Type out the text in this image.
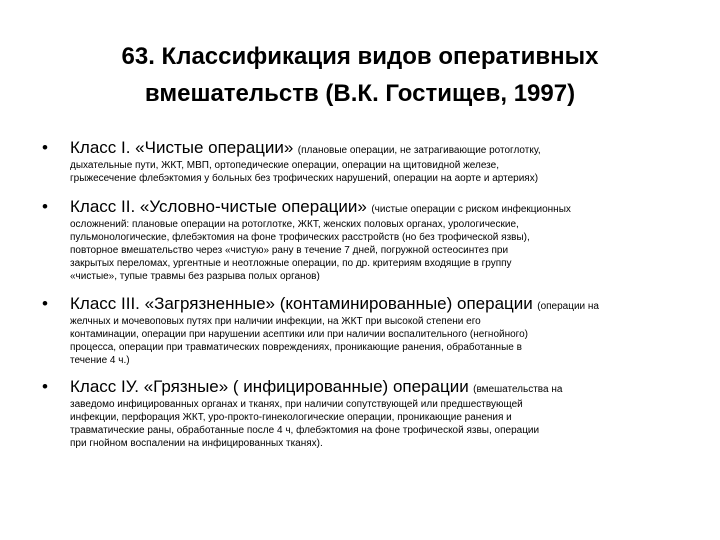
63. Классификация видов оперативных
вмешательств (В.К. Гостищев, 1997)
• Класс I. «Чистые операции» (плановые операции, не затрагивающие ротоглотку,
дыхательные пути, ЖКТ, МВП, ортопедические операции, операции на щитовидной железе,
грыжесечение флебэктомия у больных без трофических нарушений, операции на аорте и артериях)
• Класс II. «Условно-чистые операции» (чистые операции с риском инфекционных
осложнений: плановые операции на ротоглотке, ЖКТ, женских половых органах, урологические,
пульмонологические, флебэктомия на фоне трофических расстройств (но без трофической язвы),
повторное вмешательство через «чистую» рану в течение 7 дней, погружной остеосинтез при
закрытых переломах, ургентные и неотложные операции, по др. критериям входящие в группу
«чистые», тупые травмы без разрыва полых органов)
• Класс III. «Загрязненные» (контаминированные) операции (операции на
желчных и мочевоповых путях при наличии инфекции, на ЖКТ при высокой степени его
контаминации, операции при нарушении асептики или при наличии воспалительного (негнойного)
процесса, операции при травматических повреждениях, проникающие ранения, обработанные в
течение 4 ч.)
• Класс IУ. «Грязные» ( инфицированные) операции (вмешательства на
заведомо инфицированных органах и тканях, при наличии сопутствующей или предшествующей
инфекции, перфорация ЖКТ, уро-проктo-гинекологические операции, проникающие ранения и
травматические раны, обработанные после 4 ч, флебэктомия на фоне трофической язвы, операции
при гнойном воспалении на инфицированных тканях).
